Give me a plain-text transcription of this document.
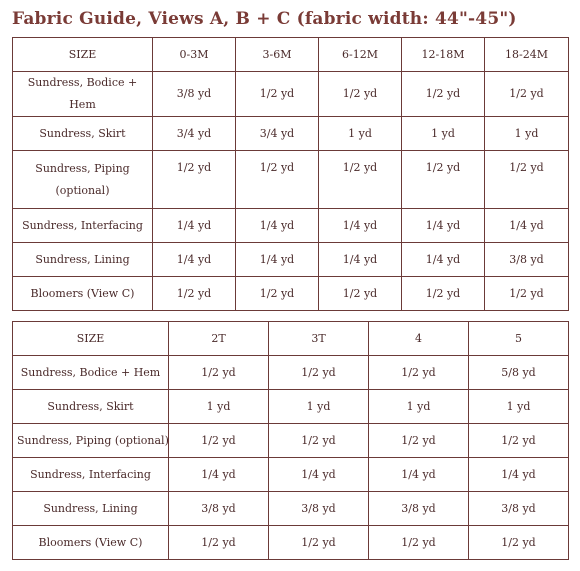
Fabric Guide, Views A, B + C (fabric width: 44"-45")
SIZE	0-3M	3-6M	6-12M	12-18M	18-24M
Sundress, Bodice + Hem	3/8 yd	1/2 yd	1/2 yd	1/2 yd	1/2 yd
Sundress, Skirt	3/4 yd	3/4 yd	1 yd	1 yd	1 yd
Sundress, Piping (optional)	1/2 yd	1/2 yd	1/2 yd	1/2 yd	1/2 yd
Sundress, Interfacing	1/4 yd	1/4 yd	1/4 yd	1/4 yd	1/4 yd
Sundress, Lining	1/4 yd	1/4 yd	1/4 yd	1/4 yd	3/8 yd
Bloomers (View C)	1/2 yd	1/2 yd	1/2 yd	1/2 yd	1/2 yd
SIZE	2T	3T	4	5
Sundress, Bodice + Hem	1/2 yd	1/2 yd	1/2 yd	5/8 yd
Sundress, Skirt	1 yd	1 yd	1 yd	1 yd
Sundress, Piping (optional)	1/2 yd	1/2 yd	1/2 yd	1/2 yd
Sundress, Interfacing	1/4 yd	1/4 yd	1/4 yd	1/4 yd
Sundress, Lining	3/8 yd	3/8 yd	3/8 yd	3/8 yd
Bloomers (View C)	1/2 yd	1/2 yd	1/2 yd	1/2 yd
